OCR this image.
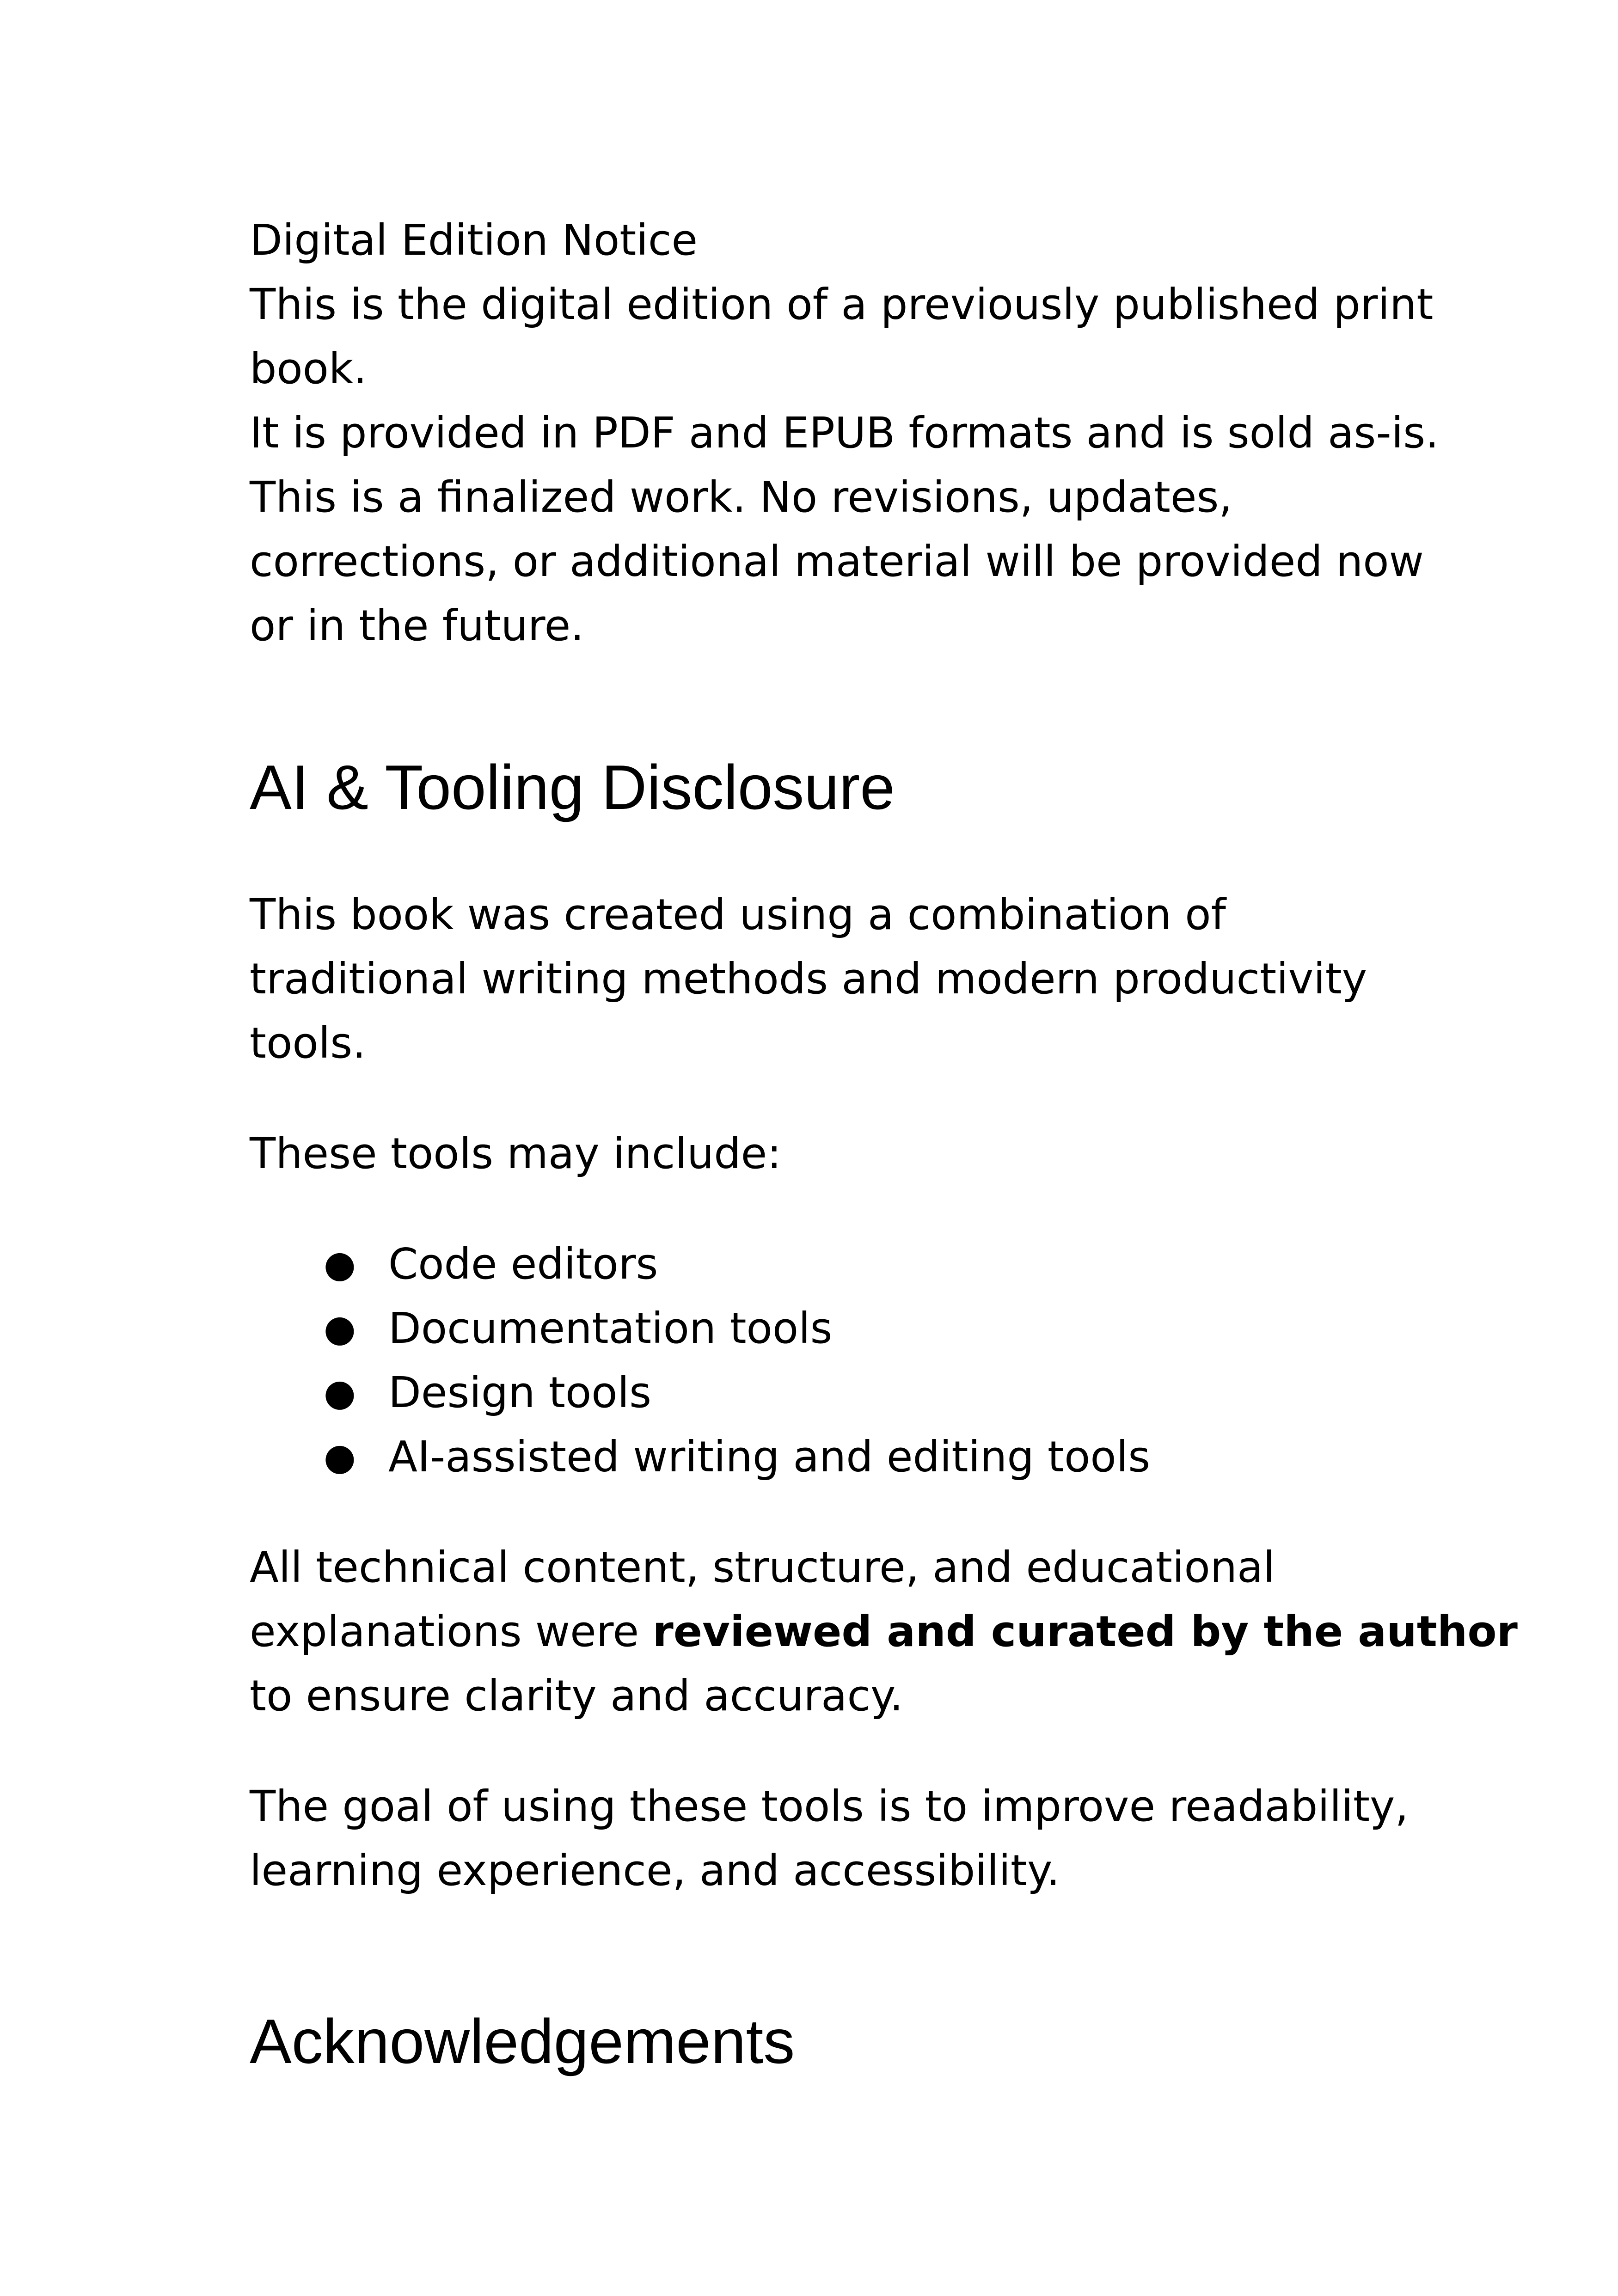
Digital Edition Notice

This is the digital edition of a previously published print

book.

It is provided in PDF and EPUB formats and is sold as-is.

This is a finalized work. No revisions, updates,

corrections, or additional material will be provided now

or in the future.

AI & Tooling Disclosure

This book was created using a combination of

traditional writing methods and modern productivity

tools.

These tools may include:

● Code editors
● Documentation tools
● Design tools
● AI-assisted writing and editing tools

All technical content, structure, and educational

explanations were reviewed and curated by the author

to ensure clarity and accuracy.

The goal of using these tools is to improve readability,

learning experience, and accessibility.

Acknowledgements
